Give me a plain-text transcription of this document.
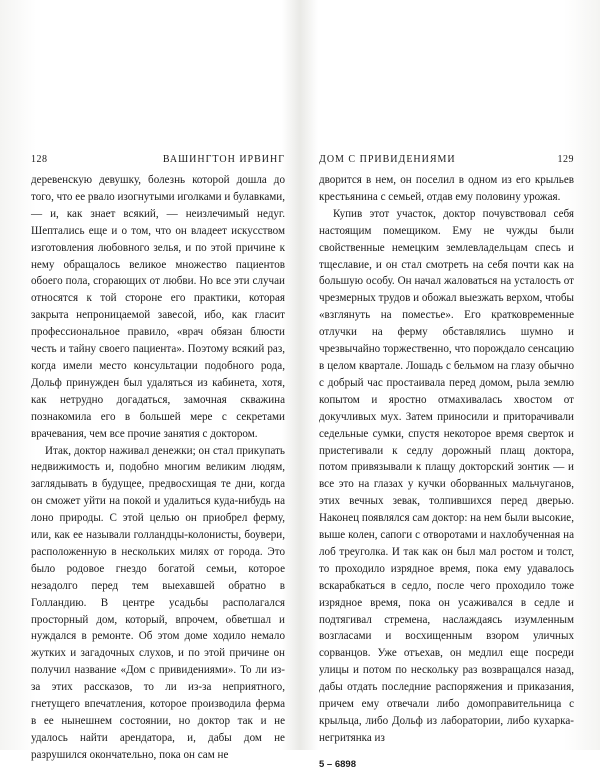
128	ВАШИНГТОН ИРВИНГ

деревенскую девушку, болезнь которой дошла до того, что ее рвало изогнутыми иголками и булавками, — и, как знает всякий, — неизлечимый недуг. Шептались еще и о том, что он владеет искусством изготовления любовного зелья, и по этой причине к нему обращалось великое множество пациентов обоего пола, сгорающих от любви. Но все эти случаи относятся к той стороне его практики, которая закрыта непроницаемой завесой, ибо, как гласит профессиональное правило, «врач обязан блюсти честь и тайну своего пациента». Поэтому всякий раз, когда имели место консультации подобного рода, Дольф принужден был удаляться из кабинета, хотя, как нетрудно догадаться, замочная скважина познакомила его в большей мере с секретами врачевания, чем все прочие занятия с доктором.

Итак, доктор наживал денежки; он стал прикупать недвижимость и, подобно многим великим людям, заглядывать в будущее, предвосхищая те дни, когда он сможет уйти на покой и удалиться куда-нибудь на лоно природы. С этой целью он приобрел ферму, или, как ее называли голландцы-колонисты, боувери, расположенную в нескольких милях от города. Это было родовое гнездо богатой семьи, которое незадолго перед тем выехавшей обратно в Голландию. В центре усадьбы располагался просторный дом, который, впрочем, обветшал и нуждался в ремонте. Об этом доме ходило немало жутких и загадочных слухов, и по этой причине он получил название «Дом с привидениями». То ли из-за этих рассказов, то ли из-за неприятного, гнетущего впечатления, которое производила ферма в ее нынешнем состоянии, но доктор так и не удалось найти арендатора, и, дабы дом не разрушился окончательно, пока он сам не

ДОМ С ПРИВИДЕНИЯМИ	129

дворится в нем, он поселил в одном из его крыльев крестьянина с семьей, отдав ему половину урожая.

Купив этот участок, доктор почувствовал себя настоящим помещиком. Ему не чужды были свойственные немецким землевладельцам спесь и тщеславие, и он стал смотреть на себя почти как на большую особу. Он начал жаловаться на усталость от чрезмерных трудов и обожал выезжать верхом, чтобы «взглянуть на поместье». Его кратковременные отлучки на ферму обставлялись шумно и чрезвычайно торжественно, что порождало сенсацию в целом квартале. Лошадь с бельмом на глазу обычно с добрый час простаивала перед домом, рыла землю копытом и яростно отмахивалась хвостом от докучливых мух. Затем приносили и приторачивали седельные сумки, спустя некоторое время сверток и пристегивали к седлу дорожный плащ доктора, потом привязывали к плащу докторский зонтик — и все это на глазах у кучки оборванных мальчуганов, этих вечных зевак, толпившихся перед дверью. Наконец появлялся сам доктор: на нем были высокие, выше колен, сапоги с отворотами и нахлобученная на лоб треуголка. И так как он был мал ростом и толст, то проходило изрядное время, пока ему удавалось вскарабкаться в седло, после чего проходило тоже изрядное время, пока он усаживался в седле и подтягивал стремена, наслаждаясь изумленным возгласами и восхищенным взором уличных сорванцов. Уже отъехав, он медлил еще посреди улицы и потом по нескольку раз возвращался назад, дабы отдать последние распоряжения и приказания, причем ему отвечали либо домоправительница с крыльца, либо Дольф из лаборатории, либо кухарка-негритянка из

5 – 6898
